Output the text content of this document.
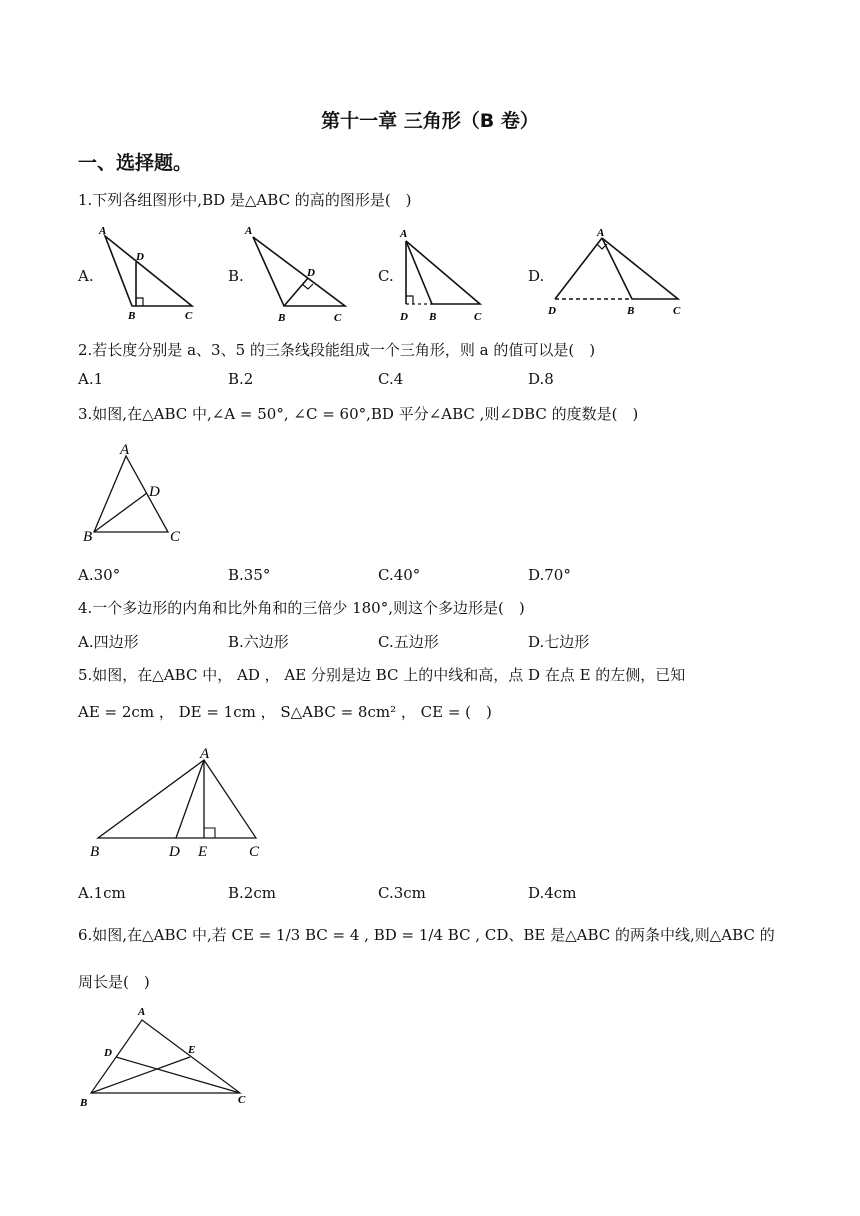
第十一章 三角形（B 卷）
一、选择题。
1.下列各组图形中,BD 是△ABC 的高的图形是(　)
A.
A
D
B	C
B.
A
D
B	C
C.
A
D B	C
D.
A
D	B	C
2.若长度分别是 a、3、5 的三条线段能组成一个三角形，则 a 的值可以是(　)
A.1	B.2	C.4	D.8
3.如图,在△ABC 中,∠A = 50°, ∠C = 60°,BD 平分∠ABC ,则∠DBC 的度数是(　)
A
D
B	C
A.30°	B.35°	C.40°	D.70°
4.一个多边形的内角和比外角和的三倍少 180°,则这个多边形是(　)
A.四边形	B.六边形	C.五边形	D.七边形
5.如图，在△ABC 中， AD ， AE 分别是边 BC 上的中线和高，点 D 在点 E 的左侧，已知
AE = 2cm ， DE = 1cm ， S△ABC = 8cm² ， CE = (　)
A
B	D E	C
A.1cm	B.2cm	C.3cm	D.4cm
6.如图,在△ABC 中,若 CE = 1/3 BC = 4 , BD = 1/4 BC , CD、BE 是△ABC 的两条中线,则△ABC 的
周长是(　)
A
D	E
B	C
